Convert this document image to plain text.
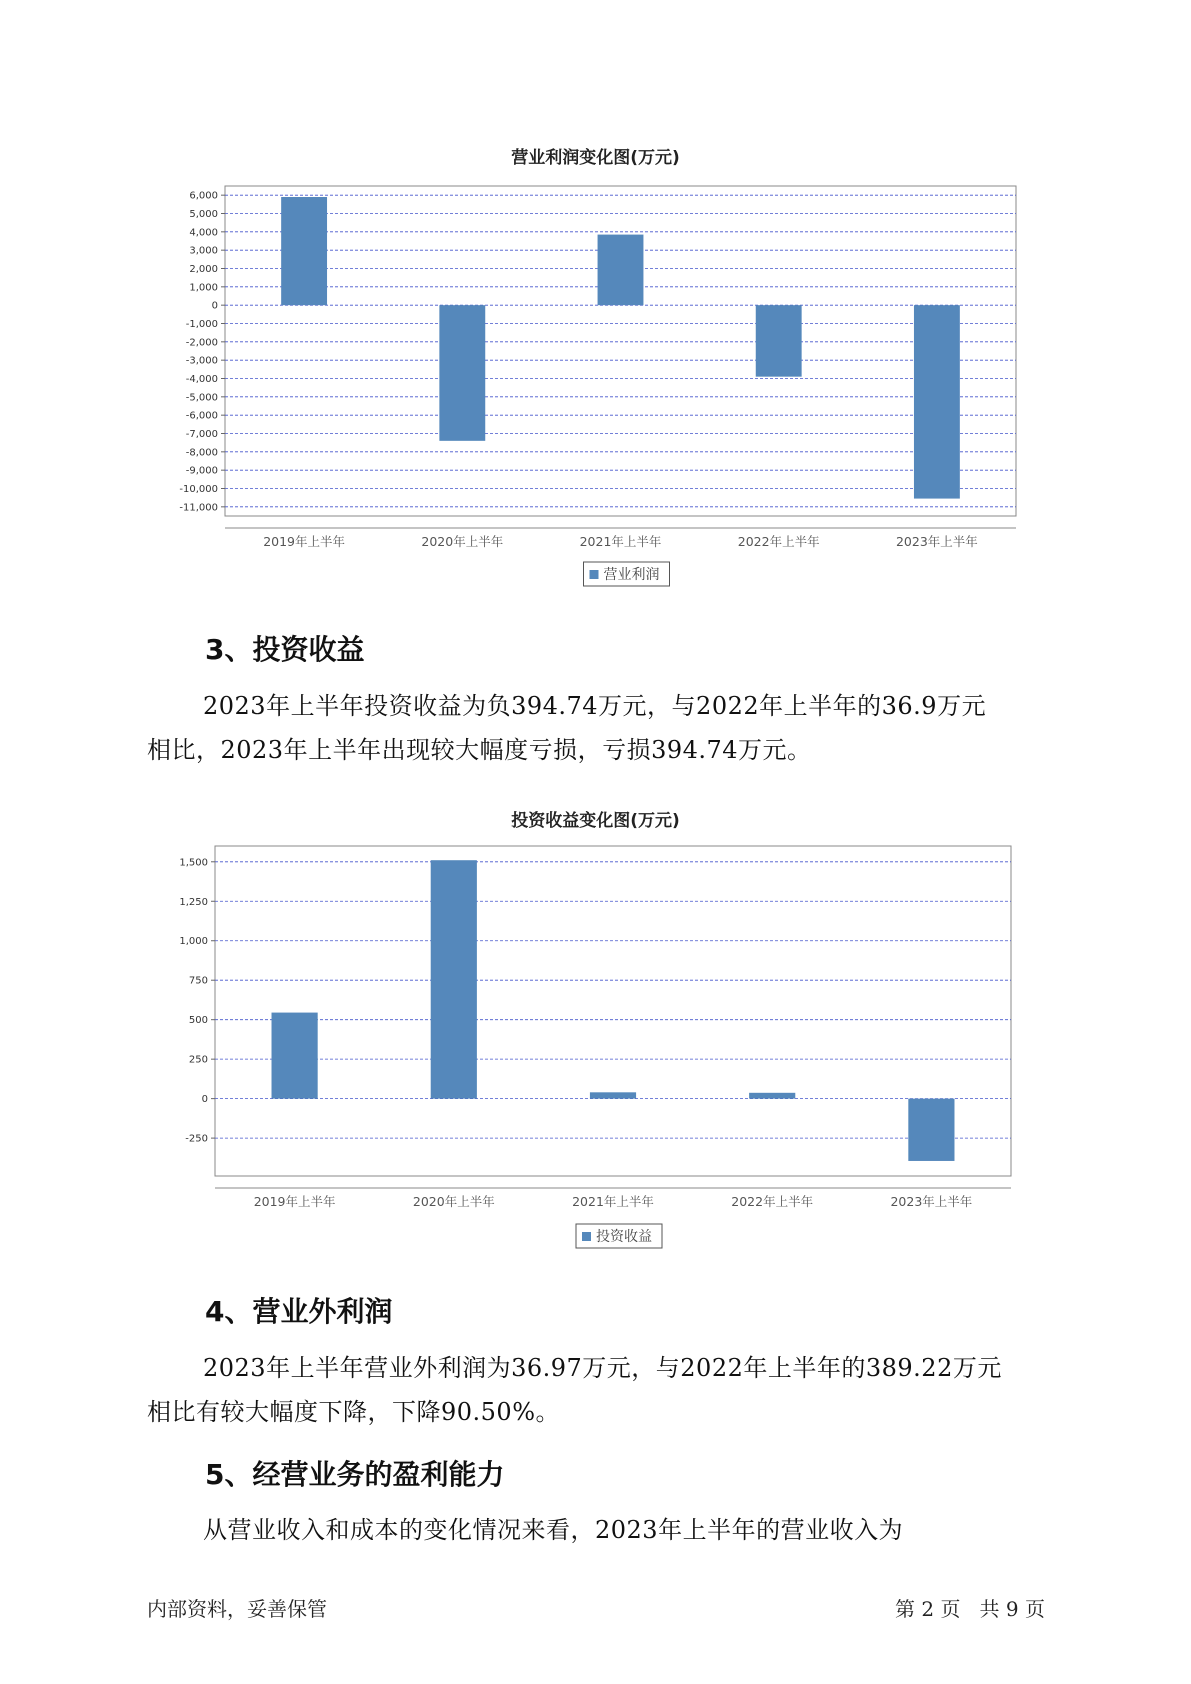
营业利润变化图(万元)
6,000
5,000
4,000
3,000
2,000
1,000
0
-1,000
-2,000
-3,000
-4,000
-5,000
-6,000
-7,000
-8,000
-9,000
-10,000
-11,000
2019年上半年	2020年上半年	2021年上半年	2022年上半年	2023年上半年
营业利润
3、投资收益

2023年上半年投资收益为负394.74万元，与2022年上半年的36.9万元
相比，2023年上半年出现较大幅度亏损，亏损394.74万元。

投资收益变化图(万元)
1,500
1,250
1,000
750
500
250
0
-250
2019年上半年	2020年上半年	2021年上半年	2022年上半年	2023年上半年
投资收益
4、营业外利润

2023年上半年营业外利润为36.97万元，与2022年上半年的389.22万元
相比有较大幅度下降，下降90.50%。

5、经营业务的盈利能力

从营业收入和成本的变化情况来看，2023年上半年的营业收入为

内部资料，妥善保管	第 2 页   共 9 页
